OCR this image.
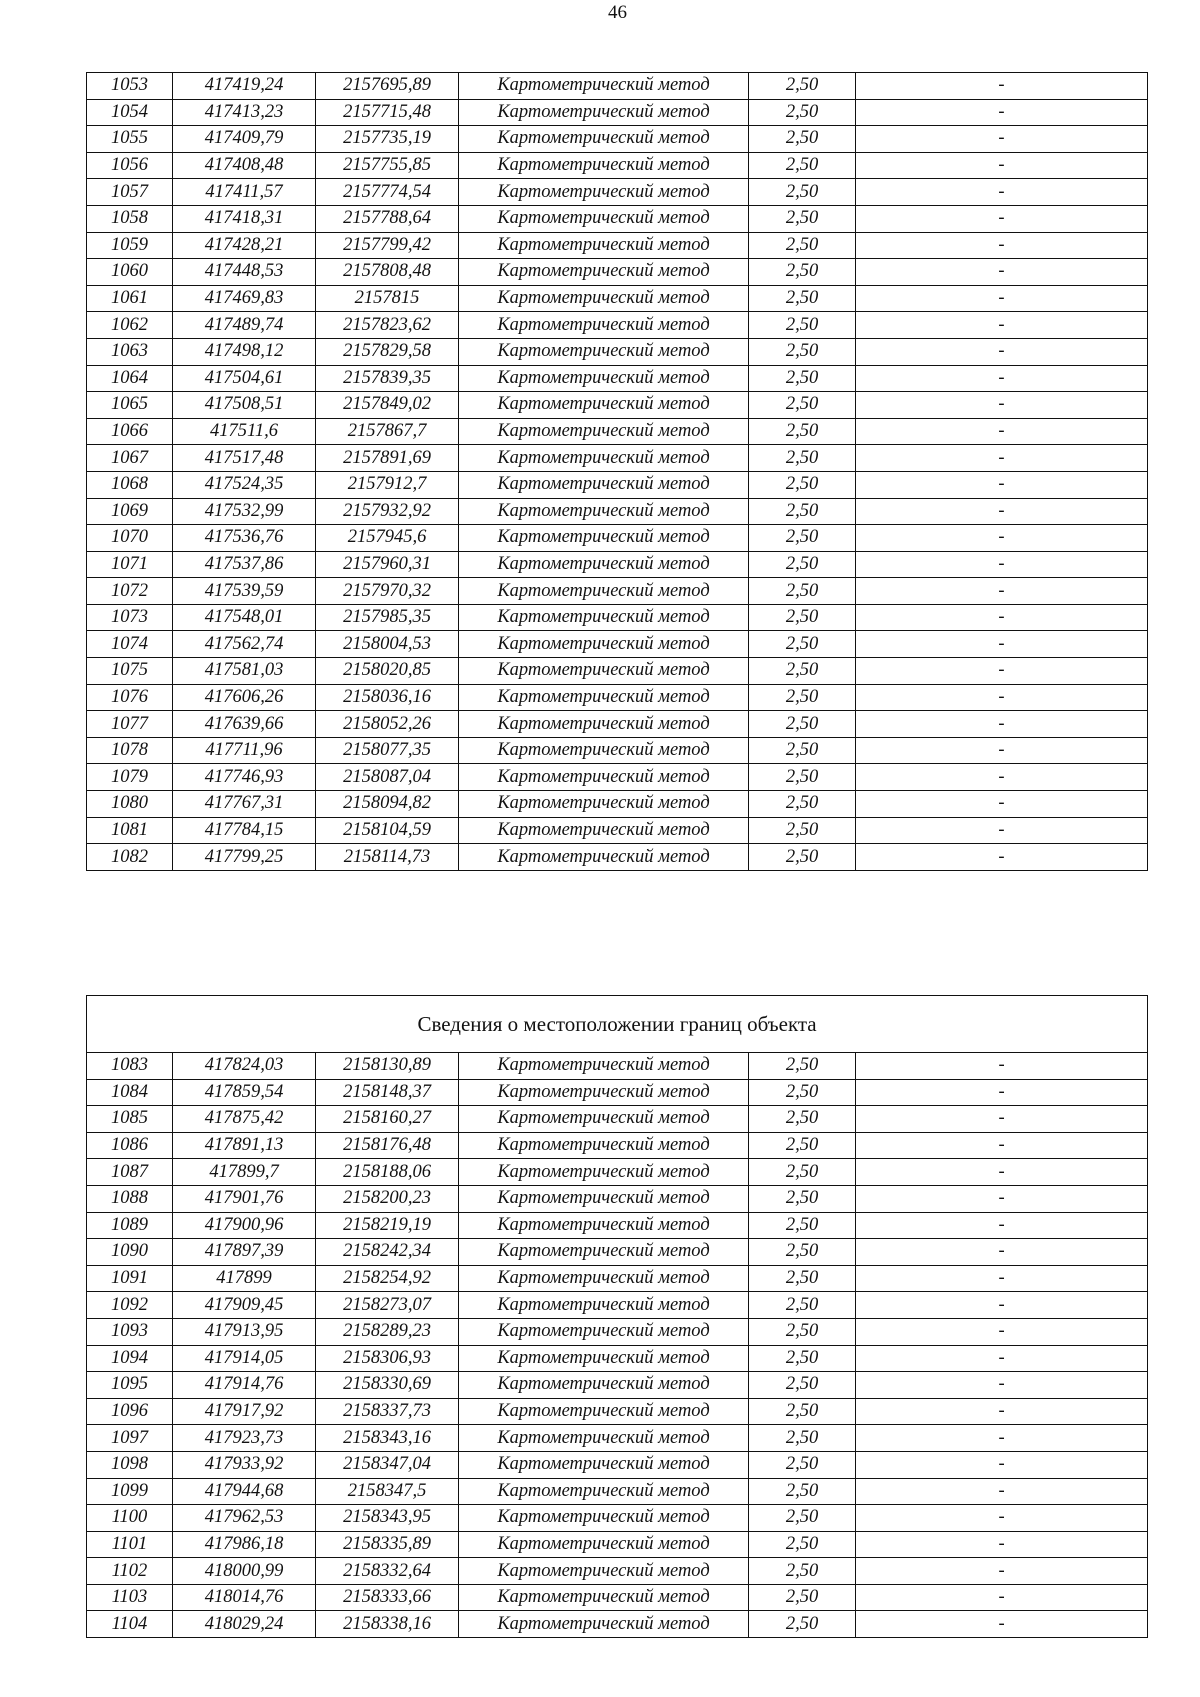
46
1053	417419,24	2157695,89	Картометрический метод	2,50	-
1054	417413,23	2157715,48	Картометрический метод	2,50	-
1055	417409,79	2157735,19	Картометрический метод	2,50	-
1056	417408,48	2157755,85	Картометрический метод	2,50	-
1057	417411,57	2157774,54	Картометрический метод	2,50	-
1058	417418,31	2157788,64	Картометрический метод	2,50	-
1059	417428,21	2157799,42	Картометрический метод	2,50	-
1060	417448,53	2157808,48	Картометрический метод	2,50	-
1061	417469,83	2157815	Картометрический метод	2,50	-
1062	417489,74	2157823,62	Картометрический метод	2,50	-
1063	417498,12	2157829,58	Картометрический метод	2,50	-
1064	417504,61	2157839,35	Картометрический метод	2,50	-
1065	417508,51	2157849,02	Картометрический метод	2,50	-
1066	417511,6	2157867,7	Картометрический метод	2,50	-
1067	417517,48	2157891,69	Картометрический метод	2,50	-
1068	417524,35	2157912,7	Картометрический метод	2,50	-
1069	417532,99	2157932,92	Картометрический метод	2,50	-
1070	417536,76	2157945,6	Картометрический метод	2,50	-
1071	417537,86	2157960,31	Картометрический метод	2,50	-
1072	417539,59	2157970,32	Картометрический метод	2,50	-
1073	417548,01	2157985,35	Картометрический метод	2,50	-
1074	417562,74	2158004,53	Картометрический метод	2,50	-
1075	417581,03	2158020,85	Картометрический метод	2,50	-
1076	417606,26	2158036,16	Картометрический метод	2,50	-
1077	417639,66	2158052,26	Картометрический метод	2,50	-
1078	417711,96	2158077,35	Картометрический метод	2,50	-
1079	417746,93	2158087,04	Картометрический метод	2,50	-
1080	417767,31	2158094,82	Картометрический метод	2,50	-
1081	417784,15	2158104,59	Картометрический метод	2,50	-
1082	417799,25	2158114,73	Картометрический метод	2,50	-
Сведения о местоположении границ объекта					
1083	417824,03	2158130,89	Картометрический метод	2,50	-
1084	417859,54	2158148,37	Картометрический метод	2,50	-
1085	417875,42	2158160,27	Картометрический метод	2,50	-
1086	417891,13	2158176,48	Картометрический метод	2,50	-
1087	417899,7	2158188,06	Картометрический метод	2,50	-
1088	417901,76	2158200,23	Картометрический метод	2,50	-
1089	417900,96	2158219,19	Картометрический метод	2,50	-
1090	417897,39	2158242,34	Картометрический метод	2,50	-
1091	417899	2158254,92	Картометрический метод	2,50	-
1092	417909,45	2158273,07	Картометрический метод	2,50	-
1093	417913,95	2158289,23	Картометрический метод	2,50	-
1094	417914,05	2158306,93	Картометрический метод	2,50	-
1095	417914,76	2158330,69	Картометрический метод	2,50	-
1096	417917,92	2158337,73	Картометрический метод	2,50	-
1097	417923,73	2158343,16	Картометрический метод	2,50	-
1098	417933,92	2158347,04	Картометрический метод	2,50	-
1099	417944,68	2158347,5	Картометрический метод	2,50	-
1100	417962,53	2158343,95	Картометрический метод	2,50	-
1101	417986,18	2158335,89	Картометрический метод	2,50	-
1102	418000,99	2158332,64	Картометрический метод	2,50	-
1103	418014,76	2158333,66	Картометрический метод	2,50	-
1104	418029,24	2158338,16	Картометрический метод	2,50	-
